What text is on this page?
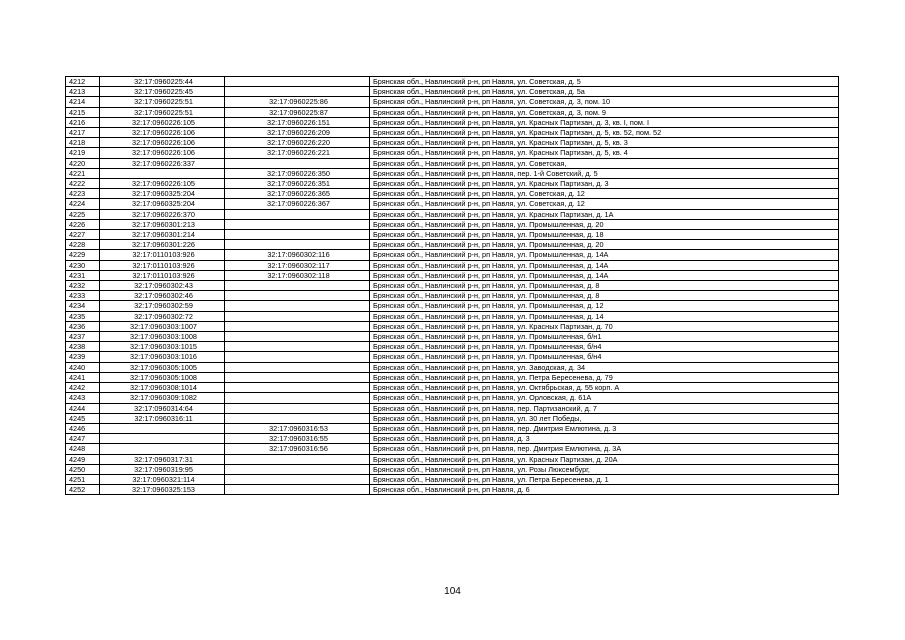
4212	32:17:0960225:44		Брянская обл., Навлинский р-н, рп Навля, ул. Советская, д. 5
4213	32:17:0960225:45		Брянская обл., Навлинский р-н, рп Навля, ул. Советская, д. 5а
4214	32:17:0960225:51	32:17:0960225:86	Брянская обл., Навлинский р-н, рп Навля, ул. Советская, д. 3, пом. 10
4215	32:17:0960225:51	32:17:0960225:87	Брянская обл., Навлинский р-н, рп Навля, ул. Советская, д. 3, пом. 9
4216	32:17:0960226:105	32:17:0960226:151	Брянская обл., Навлинский р-н, рп Навля, ул. Красных Партизан, д. 3, кв. I, пом. I
4217	32:17:0960226:106	32:17:0960226:209	Брянская обл., Навлинский р-н, рп Навля, ул. Красных Партизан, д. 5, кв. 52, пом. 52
4218	32:17:0960226:106	32:17:0960226:220	Брянская обл., Навлинский р-н, рп Навля, ул. Красных Партизан, д. 5, кв. 3
4219	32:17:0960226:106	32:17:0960226:221	Брянская обл., Навлинский р-н, рп Навля, ул. Красных Партизан, д. 5, кв. 4
4220	32:17:0960226:337		Брянская обл., Навлинский р-н, рп Навля, ул. Советская,
4221		32:17:0960226:350	Брянская обл., Навлинский р-н, рп Навля, пер. 1-й Советский, д. 5
4222	32:17:0960226:105	32:17:0960226:351	Брянская обл., Навлинский р-н, рп Навля, ул. Красных Партизан, д. 3
4223	32:17:0960325:204	32:17:0960226:365	Брянская обл., Навлинский р-н, рп Навля, ул. Советская, д. 12
4224	32:17:0960325:204	32:17:0960226:367	Брянская обл., Навлинский р-н, рп Навля, ул. Советская, д. 12
4225	32:17:0960226:370		Брянская обл., Навлинский р-н, рп Навля, ул. Красных Партизан, д. 1А
4226	32:17:0960301:213		Брянская обл., Навлинский р-н, рп Навля, ул. Промышленная, д. 20
4227	32:17:0960301:214		Брянская обл., Навлинский р-н, рп Навля, ул. Промышленная, д. 18
4228	32:17:0960301:226		Брянская обл., Навлинский р-н, рп Навля, ул. Промышленная, д. 20
4229	32:17:0110103:926	32:17:0960302:116	Брянская обл., Навлинский р-н, рп Навля, ул. Промышленная, д. 14А
4230	32:17:0110103:926	32:17:0960302:117	Брянская обл., Навлинский р-н, рп Навля, ул. Промышленная, д. 14А
4231	32:17:0110103:926	32:17:0960302:118	Брянская обл., Навлинский р-н, рп Навля, ул. Промышленная, д. 14А
4232	32:17:0960302:43		Брянская обл., Навлинский р-н, рп Навля, ул. Промышленная, д. 8
4233	32:17:0960302:46		Брянская обл., Навлинский р-н, рп Навля, ул. Промышленная, д. 8
4234	32:17:0960302:59		Брянская обл., Навлинский р-н, рп Навля, ул. Промышленная, д. 12
4235	32:17:0960302:72		Брянская обл., Навлинский р-н, рп Навля, ул. Промышленная, д. 14
4236	32:17:0960303:1007		Брянская обл., Навлинский р-н, рп Навля, ул. Красных Партизан, д. 70
4237	32:17:0960303:1008		Брянская обл., Навлинский р-н, рп Навля, ул. Промышленная, б/н1
4238	32:17:0960303:1015		Брянская обл., Навлинский р-н, рп Навля, ул. Промышленная, б/н4
4239	32:17:0960303:1016		Брянская обл., Навлинский р-н, рп Навля, ул. Промышленная, б/н4
4240	32:17:0960305:1005		Брянская обл., Навлинский р-н, рп Навля, ул. Заводская, д. 34
4241	32:17:0960305:1008		Брянская обл., Навлинский р-н, рп Навля, ул. Петра Бересенева, д. 79
4242	32:17:0960308:1014		Брянская обл., Навлинский р-н, рп Навля, ул. Октябрьская, д. 55 корп. А
4243	32:17:0960309:1082		Брянская обл., Навлинский р-н, рп Навля, ул. Орловская, д. 61А
4244	32:17:0960314:64		Брянская обл., Навлинский р-н, рп Навля, пер. Партизанский, д. 7
4245	32:17:0960316:11		Брянская обл., Навлинский р-н, рп Навля, ул. 30 лет Победы,
4246		32:17:0960316:53	Брянская обл., Навлинский р-н, рп Навля, пер. Дмитрия Емлютина, д. 3
4247		32:17:0960316:55	Брянская обл., Навлинский р-н, рп Навля, д. 3
4248		32:17:0960316:56	Брянская обл., Навлинский р-н, рп Навля, пер. Дмитрия Емлютина, д. 3А
4249	32:17:0960317:31		Брянская обл., Навлинский р-н, рп Навля, ул. Красных Партизан, д. 20А
4250	32:17:0960319:95		Брянская обл., Навлинский р-н, рп Навля, ул. Розы Люксембург,
4251	32:17:0960321:114		Брянская обл., Навлинский р-н, рп Навля, ул. Петра Бересенева, д. 1
4252	32:17:0960325:153		Брянская обл., Навлинский р-н, рп Навля, д. 6
104
